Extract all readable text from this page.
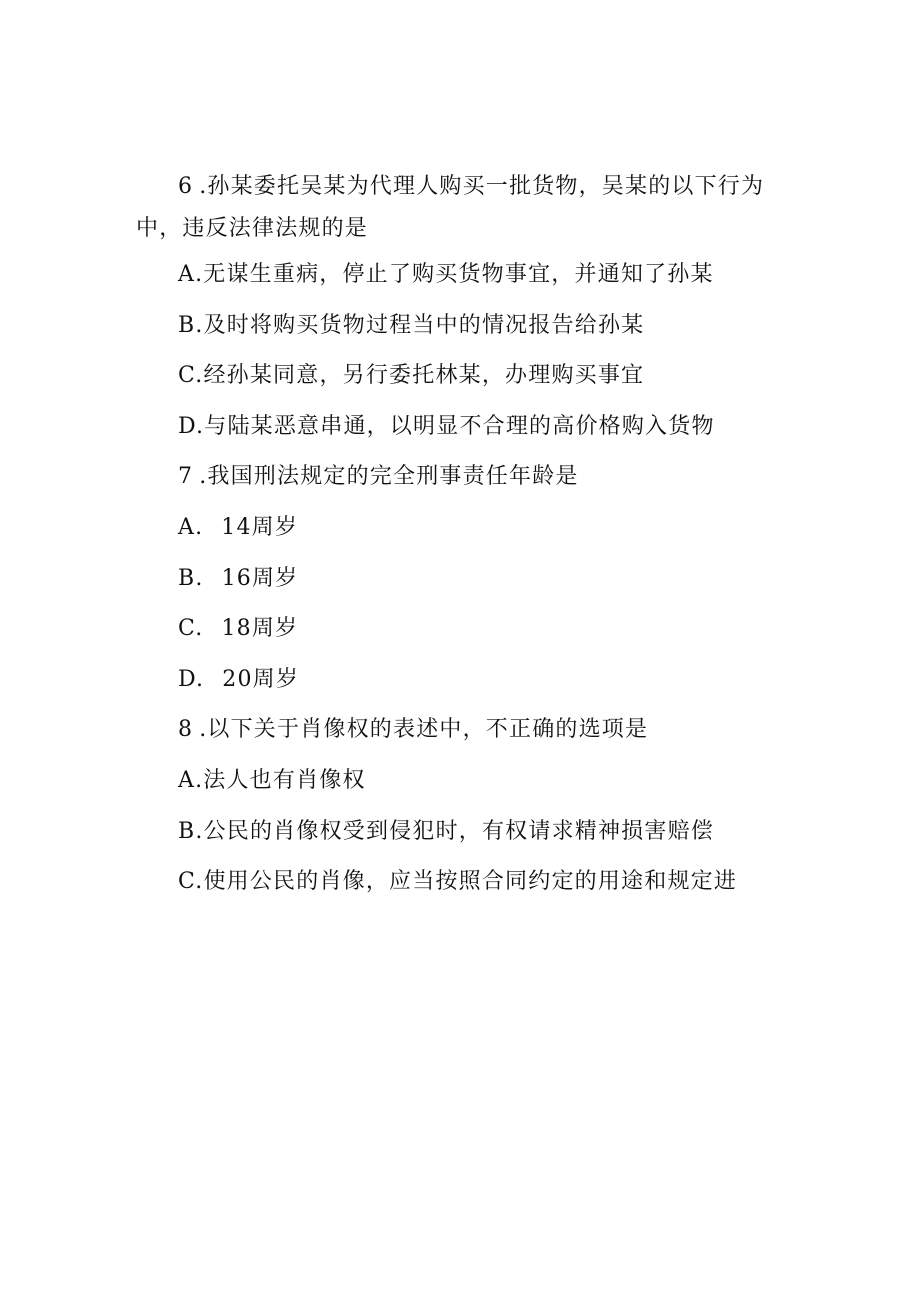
6 .孙某委托吴某为代理人购买一批货物，吴某的以下行为
中，违反法律法规的是

A.无谋生重病，停止了购买货物事宜，并通知了孙某

B.及时将购买货物过程当中的情况报告给孙某

C.经孙某同意，另行委托林某，办理购买事宜

D.与陆某恶意串通，以明显不合理的高价格购入货物

7 .我国刑法规定的完全刑事责任年龄是

A. 14周岁

B. 16周岁

C. 18周岁

D. 20周岁

8 .以下关于肖像权的表述中，不正确的选项是

A.法人也有肖像权

B.公民的肖像权受到侵犯时，有权请求精神损害赔偿

C.使用公民的肖像，应当按照合同约定的用途和规定进
